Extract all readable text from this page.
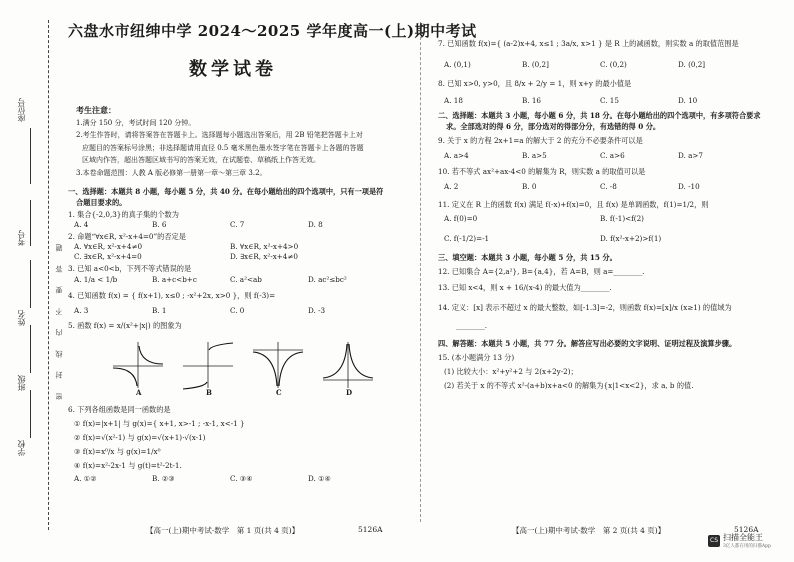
座位号
考号
姓名
班级
学校
密 封 线 内 不 要 答 题
六盘水市纽绅中学 2024～2025 学年度高一(上)期中考试
数学试卷
考生注意：
1.满分 150 分，考试时间 120 分钟。
2.考生作答时，请将答案答在答题卡上。选择题每小题选出答案后，用 2B 铅笔把答题卡上对
应题目的答案标号涂黑；非选择题请用直径 0.5 毫米黑色墨水签字笔在答题卡上各题的答题
区域内作答，超出答题区域书写的答案无效，在试题卷、草稿纸上作答无效。
3.本卷命题范围：人教 A 版必修第一册第一章～第三章 3.2。
一、选择题：本题共 8 小题，每小题 5 分，共 40 分。在每小题给出的四个选项中，只有一项是符
合题目要求的。
1. 集合{-2,0,3}的真子集的个数为
A. 4	B. 6	C. 7	D. 8
2. 命题“∀x∈R, x²-x+4=0”的否定是
A. ∀x∈R, x²-x+4≠0	B. ∀x∈R, x²-x+4>0
C. ∃x∈R, x²-x+4=0	D. ∃x∈R, x²-x+4≠0
3. 已知 a<0<b，下列不等式错误的是
A. 1/a < 1/b	B. a+c<b+c	C. a²<ab	D. ac²≤bc²
4. 已知函数 f(x) = { f(x+1), x≤0 ; -x²+2x, x>0 }，则 f(-3)=
A. 3	B. 1	C. 0	D. -3
5. 函数 f(x) = x/(x²+|x|) 的图象为
A	B	C	D
6. 下列各组函数是同一函数的是
① f(x)=|x+1| 与 g(x)={ x+1, x>-1 ; -x-1, x<-1 }
② f(x)=√(x²-1) 与 g(x)=√(x+1)·√(x-1)
③ f(x)=x⁰/x 与 g(x)=1/x⁰
④ f(x)=x²-2x-1 与 g(t)=t²-2t-1.
A. ①②	B. ②③	C. ③④	D. ①④
【高一(上)期中考试·数学　第 1 页(共 4 页)】	5126A
7. 已知函数 f(x)={ (a-2)x+4, x≤1 ; 3a/x, x>1 } 是 R 上的减函数，则实数 a 的取值范围是
A. (0,1)	B. (0,2]	C. (0,2)	D. (0,2]
8. 已知 x>0, y>0，且 8/x + 2/y = 1，则 x+y 的最小值是
A. 18	B. 16	C. 15	D. 10
二、选择题：本题共 3 小题，每小题 6 分，共 18 分。在每小题给出的四个选项中，有多项符合要求
求。全部选对的得 6 分，部分选对的得部分分，有选错的得 0 分。
9. 关于 x 的方程 2x+1=a 的解大于 2 的充分不必要条件可以是
A. a>4	B. a>5	C. a>6	D. a>7
10. 若不等式 ax²+ax-4<0 的解集为 R，则实数 a 的取值可以是
A. 2	B. 0	C. -8	D. -10
11. 定义在 R 上的函数 f(x) 满足 f(-x)+f(x)=0，且 f(x) 是单调函数，f(1)=1/2，则
A. f(0)=0	B. f(-1)<f(2)
C. f(-1/2)=-1	D. f(x²-x+2)>f(1)
三、填空题：本题共 3 小题，每小题 5 分，共 15 分。
12. 已知集合 A={2,a²}, B={a,4}，若 A=B，则 a=________.
13. 已知 x<4，则 x + 16/(x-4) 的最大值为________.
14. 定义：[x] 表示不超过 x 的最大整数，如[-1.3]=-2，则函数 f(x)=[x]/x (x≥1) 的值域为
________.
四、解答题：本题共 5 小题，共 77 分。解答应写出必要的文字说明、证明过程及演算步骤。
15. (本小题满分 13 分)
(1) 比较大小：x²+y²+2 与 2(x+2y-2)；
(2) 若关于 x 的不等式 x²-(a+b)x+a<0 的解集为{x|1<x<2}，求 a, b 的值.
【高一(上)期中考试·数学　第 2 页(共 4 页)】	5126A
CS 扫描全能王
3亿人都在用的扫描App
